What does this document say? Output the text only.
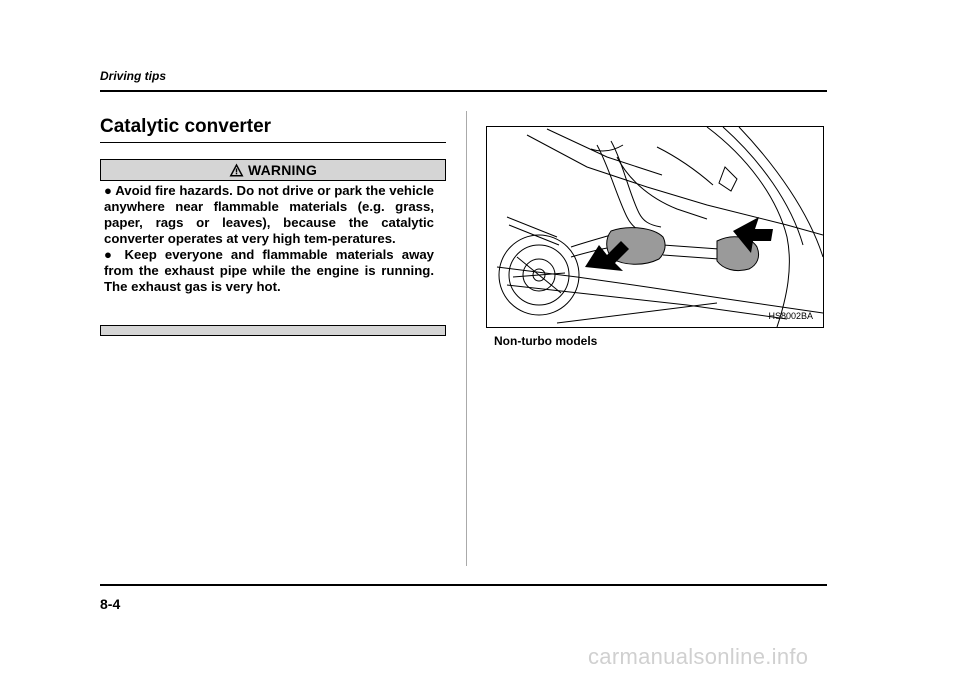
Driving tips
Catalytic converter
WARNING

● Avoid fire hazards. Do not drive or park the vehicle anywhere near flammable materials (e.g. grass, paper, rags or leaves), because the catalytic converter operates at very high tem-peratures.

● Keep everyone and flammable materials away from the exhaust pipe while the engine is running. The exhaust gas is very hot.

HS8002BA
Non-turbo models
8-4
carmanualsonline.info
